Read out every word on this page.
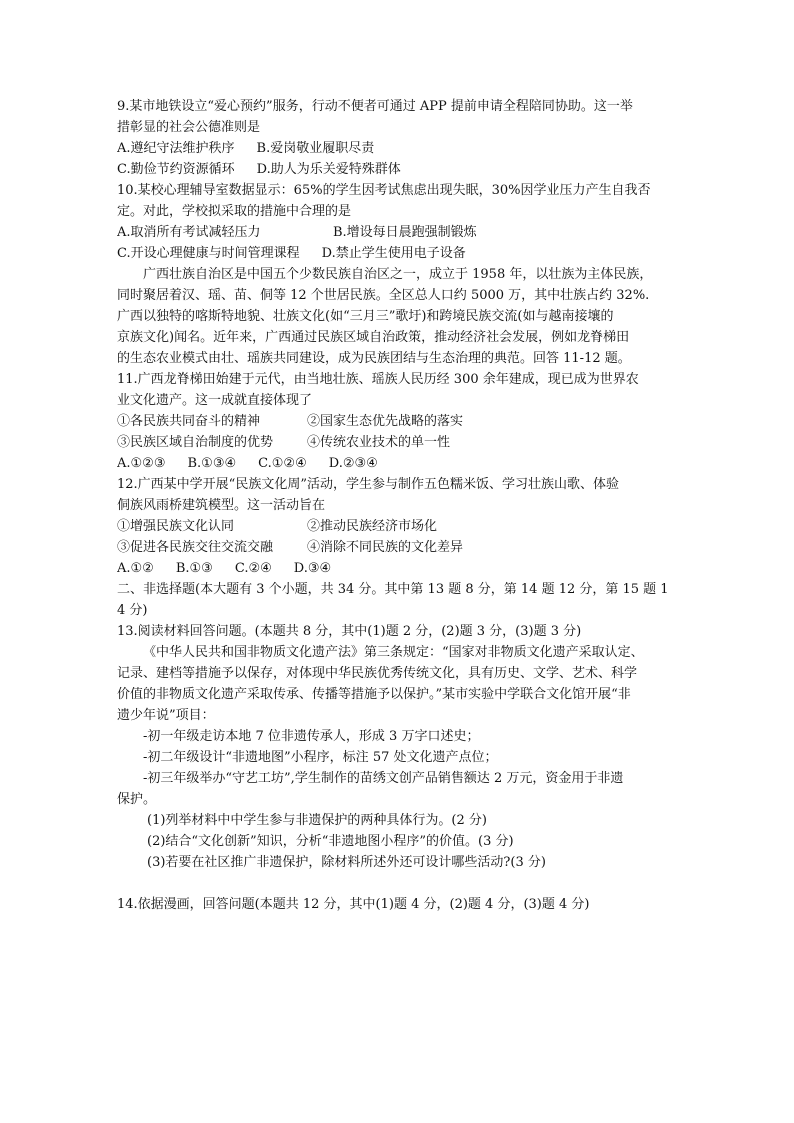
9.某市地铁设立“爱心预约”服务，行动不便者可通过 APP 提前申请全程陪同协助。这一举
措彰显的社会公德准则是
A.遵纪守法维护秩序 B.爱岗敬业履职尽责
C.勤俭节约资源循环 D.助人为乐关爱特殊群体
10.某校心理辅导室数据显示：65%的学生因考试焦虑出现失眠，30%因学业压力产生自我否
定。对此，学校拟采取的措施中合理的是
A.取消所有考试减轻压力	B.增设每日晨跑强制锻炼
C.开设心理健康与时间管理课程 D.禁止学生使用电子设备
广西壮族自治区是中国五个少数民族自治区之一，成立于 1958 年，以壮族为主体民族，
同时聚居着汉、瑶、苗、侗等 12 个世居民族。全区总人口约 5000 万，其中壮族占约 32%.
广西以独特的喀斯特地貌、壮族文化(如“三月三”歌圩)和跨境民族交流(如与越南接壤的
京族文化)闻名。近年来，广西通过民族区域自治政策，推动经济社会发展，例如龙脊梯田
的生态农业模式由壮、瑶族共同建设，成为民族团结与生态治理的典范。回答 11-12 题。
11.广西龙脊梯田始建于元代，由当地壮族、瑶族人民历经 300 余年建成，现已成为世界农
业文化遗产。这一成就直接体现了
①各民族共同奋斗的精神	②国家生态优先战略的落实
③民族区域自治制度的优势	④传统农业技术的单一性
A.①②③ B.①③④ C.①②④ D.②③④
12.广西某中学开展“民族文化周”活动，学生参与制作五色糯米饭、学习壮族山歌、体验
侗族风雨桥建筑模型。这一活动旨在
①增强民族文化认同	②推动民族经济市场化
③促进各民族交往交流交融	④消除不同民族的文化差异
A.①② B.①③ C.②④ D.③④
二、非选择题(本大题有 3 个小题，共 34 分。其中第 13 题 8 分，第 14 题 12 分，第 15 题 1
4 分)
13.阅读材料回答问题。(本题共 8 分，其中(1)题 2 分，(2)题 3 分，(3)题 3 分)
《中华人民共和国非物质文化遗产法》第三条规定：“国家对非物质文化遗产采取认定、
记录、建档等措施予以保存，对体现中华民族优秀传统文化，具有历史、文学、艺术、科学
价值的非物质文化遗产采取传承、传播等措施予以保护。”某市实验中学联合文化馆开展“非
遗少年说”项目：
-初一年级走访本地 7 位非遗传承人，形成 3 万字口述史；
-初二年级设计“非遗地图”小程序，标注 57 处文化遗产点位；
-初三年级举办“守艺工坊”,学生制作的苗绣文创产品销售额达 2 万元，资金用于非遗
保护。
(1)列举材料中中学生参与非遗保护的两种具体行为。(2 分)
(2)结合“文化创新”知识，分析“非遗地图小程序”的价值。(3 分)
(3)若要在社区推广非遗保护，除材料所述外还可设计哪些活动?(3 分)
14.依据漫画，回答问题(本题共 12 分，其中(1)题 4 分，(2)题 4 分，(3)题 4 分)
